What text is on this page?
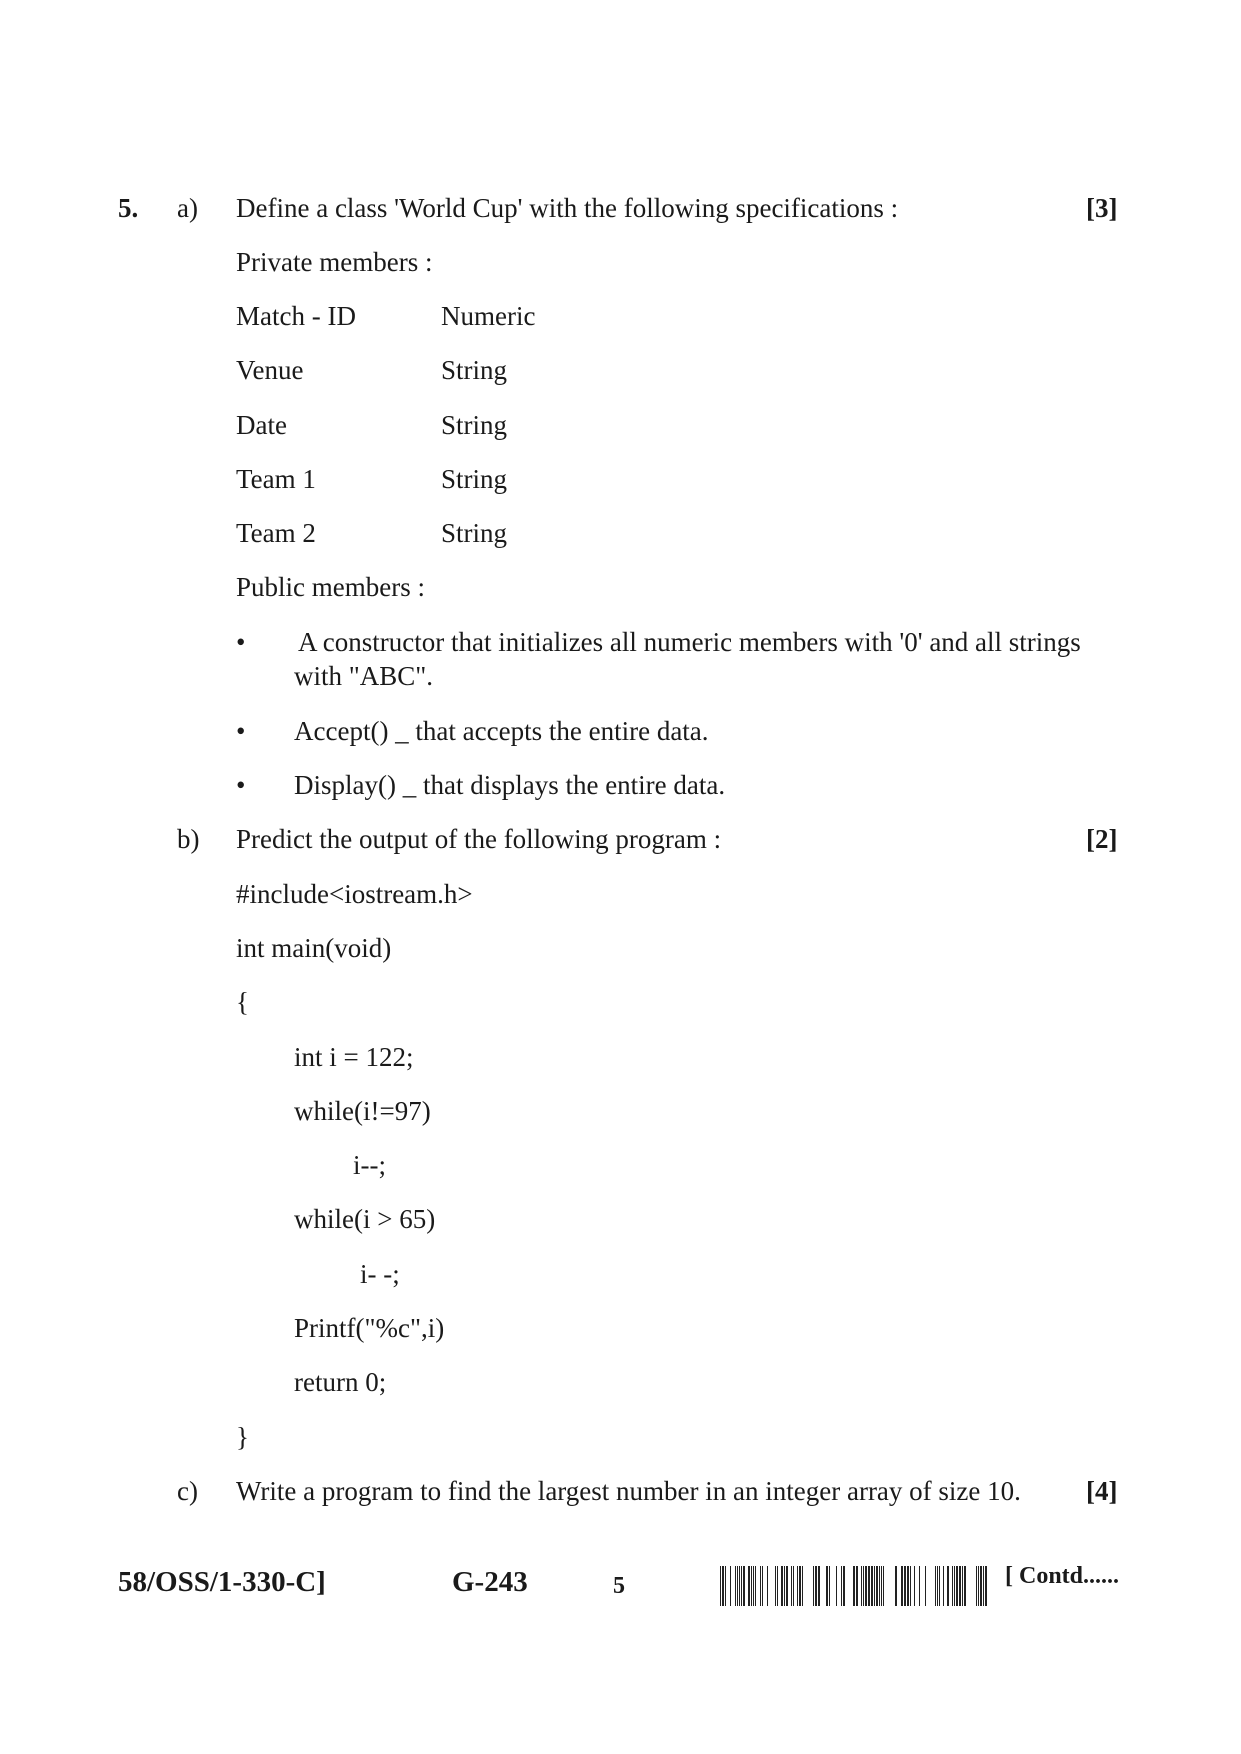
5. a) Define a class 'World Cup' with the following specifications :	[3]
Private members :
Match - ID	Numeric
Venue	String
Date	String
Team 1	String
Team 2	String
Public members :
• A constructor that initializes all numeric members with '0' and all strings
with "ABC".
• Accept() _ that accepts the entire data.
• Display() _ that displays the entire data.
b) Predict the output of the following program :	[2]
#include<iostream.h>
int main(void)
{
int i = 122;
while(i!=97)
i--;
while(i > 65)
i- -;
Printf("%c",i)
return 0;
}
c) Write a program to find the largest number in an integer array of size 10. [4]
58/OSS/1-330-C]	G-243	5	[ Contd......
